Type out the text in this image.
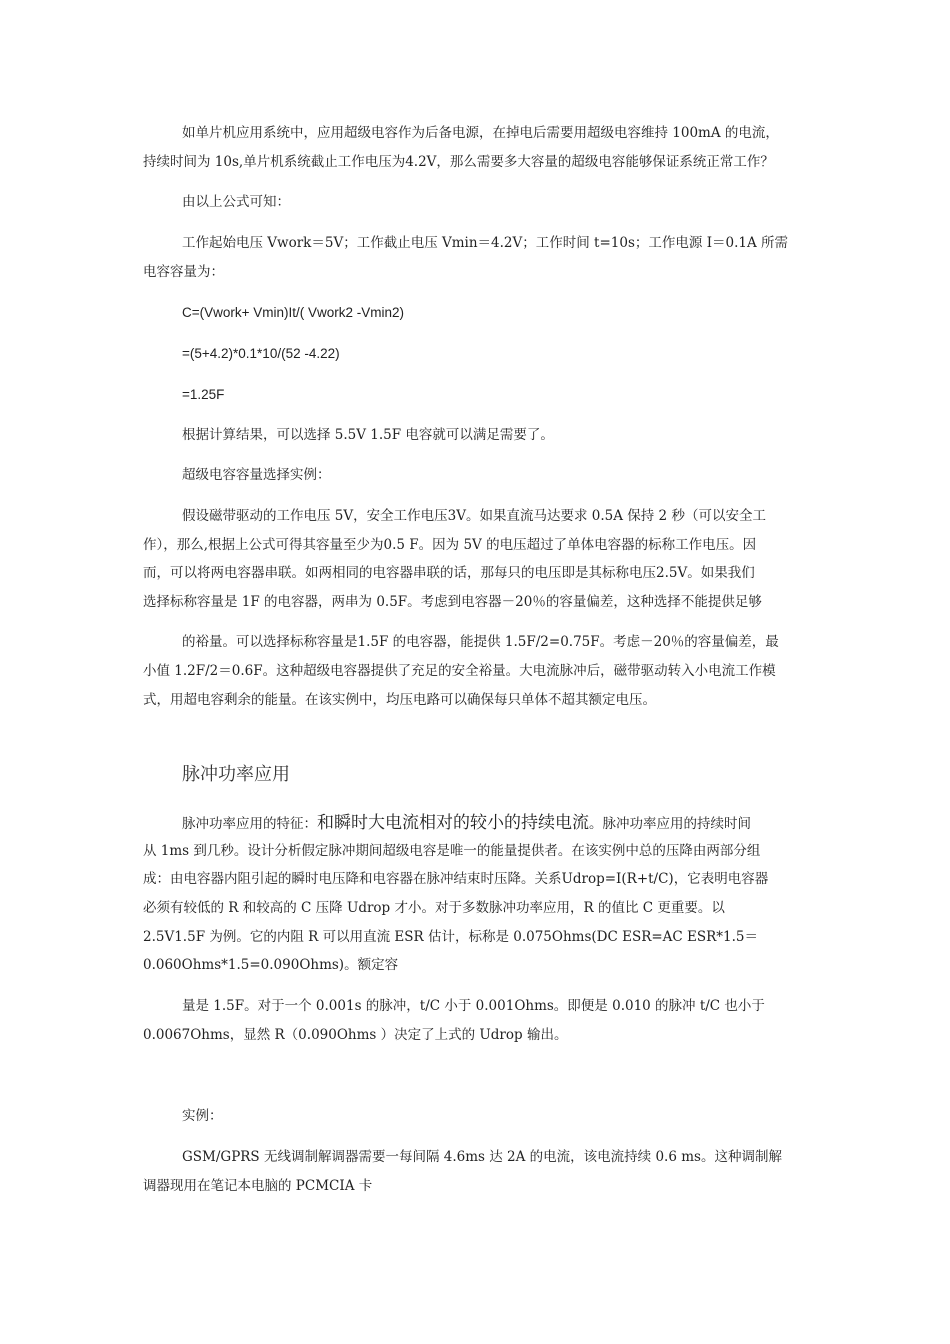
如单片机应用系统中，应用超级电容作为后备电源，在掉电后需要用超级电容维持 100mA 的电流，
持续时间为 10s,单片机系统截止工作电压为4.2V，那么需要多大容量的超级电容能够保证系统正常工作？
由以上公式可知：
工作起始电压 Vwork＝5V；工作截止电压 Vmin＝4.2V；工作时间 t=10s；工作电源 I＝0.1A 所需
电容容量为：
C=(Vwork+ Vmin)It/( Vwork2 -Vmin2)
=(5+4.2)*0.1*10/(52 -4.22)
=1.25F
根据计算结果，可以选择 5.5V 1.5F 电容就可以满足需要了。
超级电容容量选择实例：
假设磁带驱动的工作电压 5V，安全工作电压3V。如果直流马达要求 0.5A 保持 2 秒（可以安全工
作），那么,根据上公式可得其容量至少为0.5 F。因为 5V 的电压超过了单体电容器的标称工作电压。因
而，可以将两电容器串联。如两相同的电容器串联的话，那每只的电压即是其标称电压2.5V。如果我们
选择标称容量是 1F 的电容器，两串为 0.5F。考虑到电容器－20％的容量偏差，这种选择不能提供足够
的裕量。可以选择标称容量是1.5F 的电容器，能提供 1.5F/2=0.75F。考虑－20％的容量偏差，最
小值 1.2F/2＝0.6F。这种超级电容器提供了充足的安全裕量。大电流脉冲后，磁带驱动转入小电流工作模
式，用超电容剩余的能量。在该实例中，均压电路可以确保每只单体不超其额定电压。
脉冲功率应用
脉冲功率应用的特征：和瞬时大电流相对的较小的持续电流。脉冲功率应用的持续时间
从 1ms 到几秒。设计分析假定脉冲期间超级电容是唯一的能量提供者。在该实例中总的压降由两部分组
成：由电容器内阻引起的瞬时电压降和电容器在脉冲结束时压降。关系Udrop=I(R+t/C)，它表明电容器
必须有较低的 R 和较高的 C 压降 Udrop 才小。对于多数脉冲功率应用，R 的值比 C 更重要。以
2.5V1.5F 为例。它的内阻 R 可以用直流 ESR 估计，标称是 0.075Ohms(DC ESR=AC ESR*1.5＝
0.060Ohms*1.5=0.090Ohms)。额定容
量是 1.5F。对于一个 0.001s 的脉冲，t/C 小于 0.001Ohms。即便是 0.010 的脉冲 t/C 也小于
0.0067Ohms，显然 R（0.090Ohms ）决定了上式的 Udrop 输出。
实例：
GSM/GPRS 无线调制解调器需要一每间隔 4.6ms 达 2A 的电流，该电流持续 0.6 ms。这种调制解
调器现用在笔记本电脑的 PCMCIA 卡
